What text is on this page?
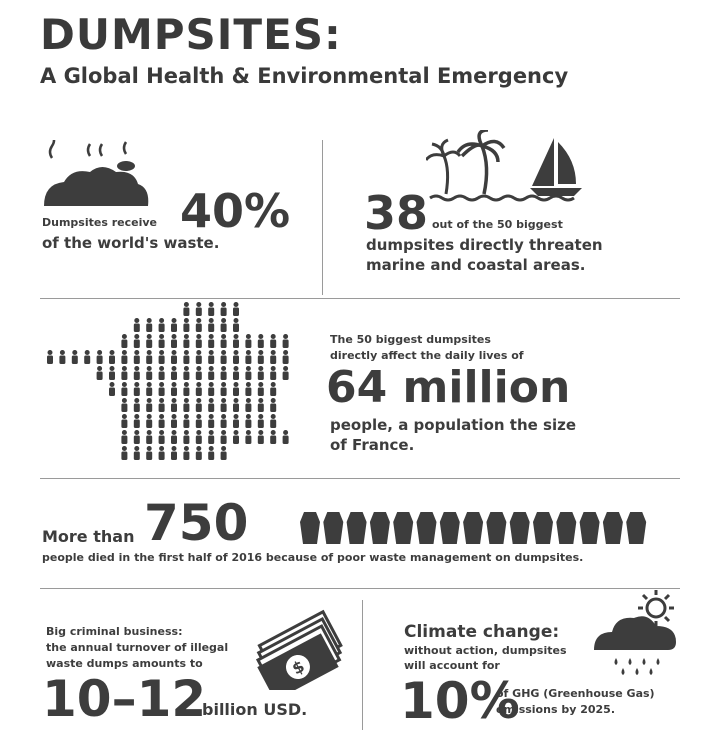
DUMPSITES:
A Global Health & Environmental Emergency
Dumpsites receive 40%
of the world's waste.
38 out of the 50 biggest
dumpsites directly threaten
marine and coastal areas.
The 50 biggest dumpsites
directly affect the daily lives of
64 million
people, a population the size
of France.
More than 750
people died in the first half of 2016 because of poor waste management on dumpsites.
Big criminal business:
the annual turnover of illegal
waste dumps amounts to	$
10–12
billion USD.
Climate change:
without action, dumpsites
will account for
10%
of GHG (Greenhouse Gas)
emissions by 2025.
